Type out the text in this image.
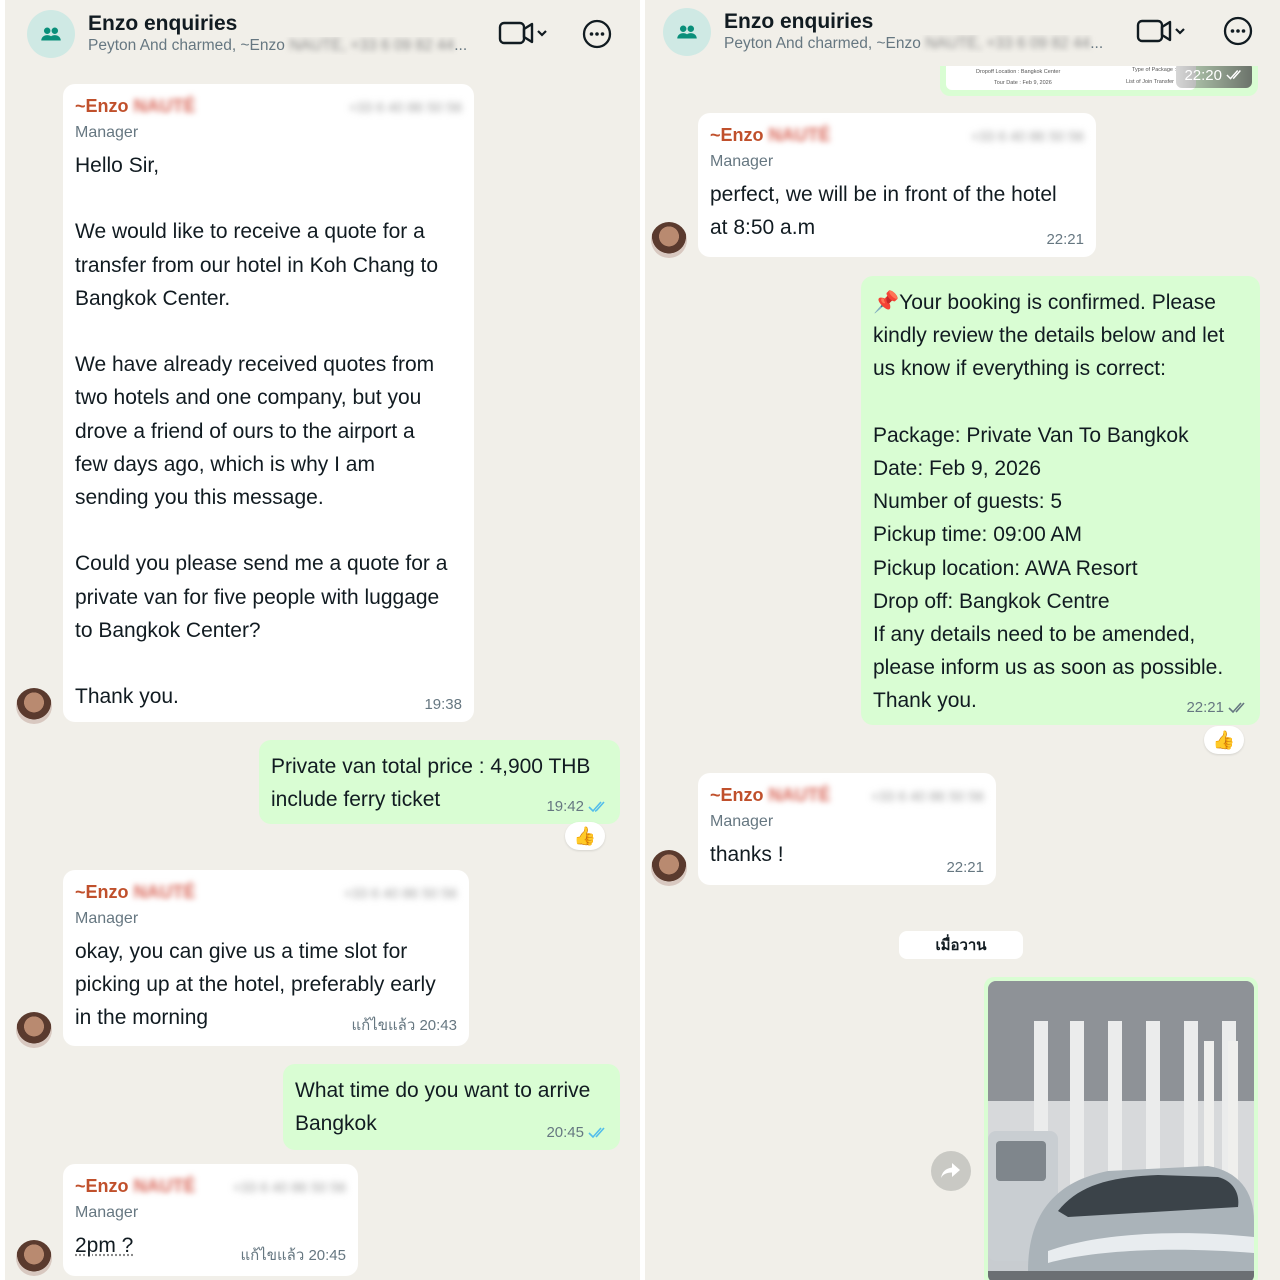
Enzo enquiries
Peyton And charmed, ~Enzo NAUTÉ, +33 6 09 82 44...
~Enzo NAUTÉ	+33 6 40 86 50 56
Manager
Hello Sir,

We would like to receive a quote for a
transfer from our hotel in Koh Chang to
Bangkok Center.

We have already received quotes from
two hotels and one company, but you
drove a friend of ours to the airport a
few days ago, which is why I am
sending you this message.

Could you please send me a quote for a
private van for five people with luggage
to Bangkok Center?

Thank you.	19:38
Private van total price : 4,900 THB
include ferry ticket	19:42
👍
~Enzo NAUTÉ	+33 6 40 86 50 56
Manager
okay, you can give us a time slot for
picking up at the hotel, preferably early
in the morning	แก้ไขแล้ว 20:43
What time do you want to arrive
Bangkok	20:45
~Enzo NAUTÉ	+33 6 40 86 50 56
Manager
2pm ?	แก้ไขแล้ว 20:45
Dropoff Location : Bangkok Center
Tour Date : Feb 9, 2026
Type of Package :
List of Join Transfer 22:20
Enzo enquiries
Peyton And charmed, ~Enzo NAUTÉ, +33 6 09 82 44...
~Enzo NAUTÉ	+33 6 40 86 50 56
Manager
perfect, we will be in front of the hotel
at 8:50 a.m
22:21
📌Your booking is confirmed. Please
kindly review the details below and let
us know if everything is correct:

Package: Private Van To Bangkok
Date: Feb 9, 2026
Number of guests: 5
Pickup time: 09:00 AM
Pickup location: AWA Resort
Drop off: Bangkok Centre
If any details need to be amended,
please inform us as soon as possible.
Thank you.	22:21
👍
~Enzo NAUTÉ	+33 6 40 86 50 56
Manager
thanks !
22:21
เมื่อวาน
